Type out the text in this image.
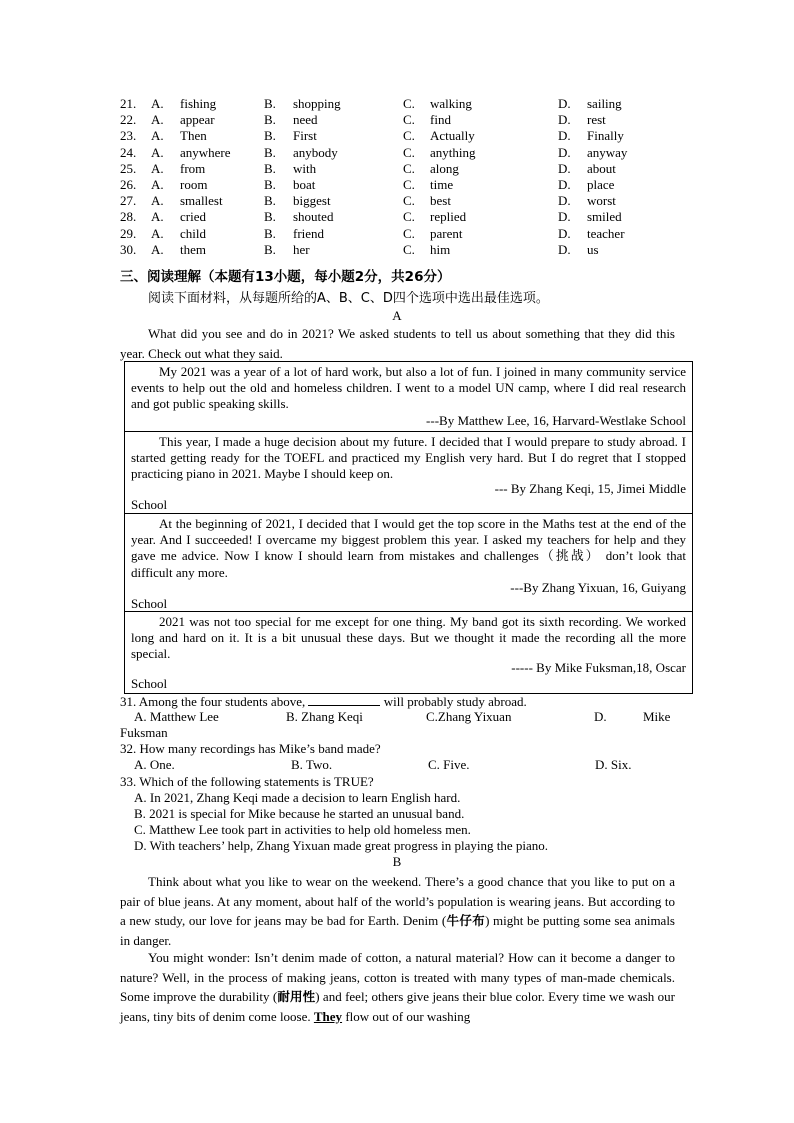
21. A. fishing	B. shopping	C. walking	D. sailing
22. A. appear	B. need	C. find	D. rest
23. A. Then	B. First	C. Actually	D. Finally
24. A. anywhere	B. anybody	C. anything	D. anyway
25. A. from	B. with	C. along	D. about
26. A. room	B. boat	C. time	D. place
27. A. smallest	B. biggest	C. best	D. worst
28. A. cried	B. shouted	C. replied	D. smiled
29. A. child	B. friend	C. parent	D. teacher
30. A. them	B. her	C. him	D. us
三、阅读理解（本题有13小题，每小题2分，共26分）
阅读下面材料，从每题所给的A、B、C、D四个选项中选出最佳选项。
A
What did you see and do in 2021? We asked students to tell us about something that they did this year. Check out what they said.
My 2021 was a year of a lot of hard work, but also a lot of fun. I joined in many community service events to help out the old and homeless children. I went to a model UN camp, where I did real research and got public speaking skills.
---By Matthew Lee, 16, Harvard-Westlake School
This year, I made a huge decision about my future. I decided that I would prepare to study abroad. I started getting ready for the TOEFL and practiced my English very hard. But I do regret that I stopped practicing piano in 2021. Maybe I should keep on.
--- By Zhang Keqi, 15, Jimei Middle
School
At the beginning of 2021, I decided that I would get the top score in the Maths test at the end of the year. And I succeeded! I overcame my biggest problem this year. I asked my teachers for help and they gave me advice. Now I know I should learn from mistakes and challenges（挑战） don’t look that difficult any more.
---By Zhang Yixuan, 16, Guiyang
School
2021 was not too special for me except for one thing. My band got its sixth recording. We worked long and hard on it. It is a bit unusual these days. But we thought it made the recording all the more special.
----- By Mike Fuksman,18, Oscar
School
31. Among the four students above,	will probably study abroad.
A. Matthew Lee	B. Zhang Keqi	C.Zhang Yixuan	D.	Mike
Fuksman
32. How many recordings has Mike’s band made?
A. One.	B. Two.	C. Five.	D. Six.
33. Which of the following statements is TRUE?
A. In 2021, Zhang Keqi made a decision to learn English hard.
B. 2021 is special for Mike because he started an unusual band.
C. Matthew Lee took part in activities to help old homeless men.
D. With teachers’ help, Zhang Yixuan made great progress in playing the piano.
B
Think about what you like to wear on the weekend. There’s a good chance that you like to put on a pair of blue jeans. At any moment, about half of the world’s population is wearing jeans. But according to a new study, our love for jeans may be bad for Earth. Denim (牛仔布) might be putting some sea animals in danger.
You might wonder: Isn’t denim made of cotton, a natural material? How can it become a danger to nature? Well, in the process of making jeans, cotton is treated with many types of man-made chemicals. Some improve the durability (耐用性) and feel; others give jeans their blue color. Every time we wash our jeans, tiny bits of denim come loose. They flow out of our washing
